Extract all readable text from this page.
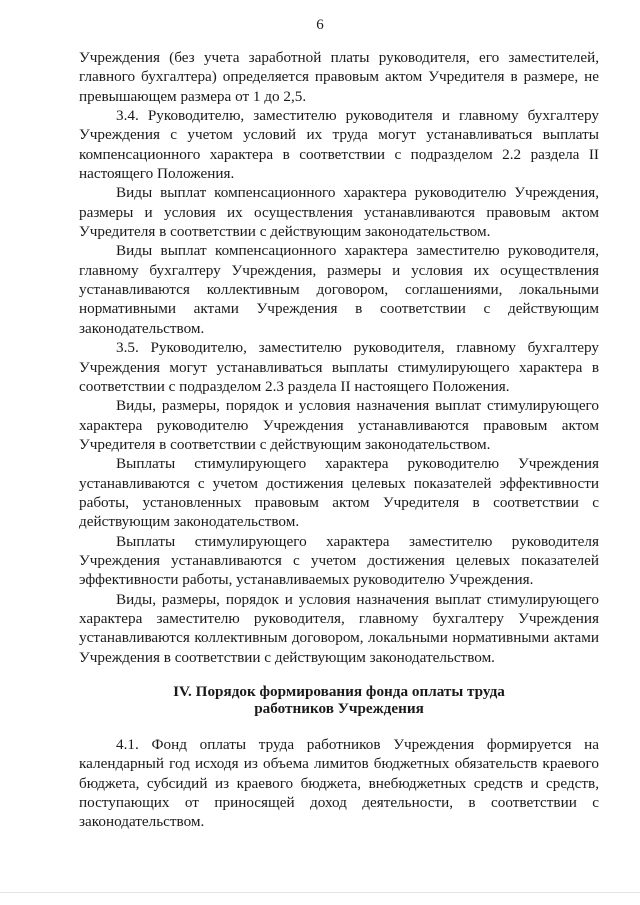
6

Учреждения (без учета заработной платы руководителя, его заместителей, главного бухгалтера) определяется правовым актом Учредителя в размере, не превышающем размера от 1 до 2,5.

3.4. Руководителю, заместителю руководителя и главному бухгалтеру Учреждения с учетом условий их труда могут устанавливаться выплаты компенсационного характера в соответствии с подразделом 2.2 раздела II настоящего Положения.

Виды выплат компенсационного характера руководителю Учреждения, размеры и условия их осуществления устанавливаются правовым актом Учредителя в соответствии с действующим законодательством.

Виды выплат компенсационного характера заместителю руководителя, главному бухгалтеру Учреждения, размеры и условия их осуществления устанавливаются коллективным договором, соглашениями, локальными нормативными актами Учреждения в соответствии с действующим законодательством.

3.5. Руководителю, заместителю руководителя, главному бухгалтеру Учреждения могут устанавливаться выплаты стимулирующего характера в соответствии с подразделом 2.3 раздела II настоящего Положения.

Виды, размеры, порядок и условия назначения выплат стимулирующего характера руководителю Учреждения устанавливаются правовым актом Учредителя в соответствии с действующим законодательством.

Выплаты стимулирующего характера руководителю Учреждения устанавливаются с учетом достижения целевых показателей эффективности работы, установленных правовым актом Учредителя в соответствии с действующим законодательством.

Выплаты стимулирующего характера заместителю руководителя Учреждения устанавливаются с учетом достижения целевых показателей эффективности работы, устанавливаемых руководителю Учреждения.

Виды, размеры, порядок и условия назначения выплат стимулирующего характера заместителю руководителя, главному бухгалтеру Учреждения устанавливаются коллективным договором, локальными нормативными актами Учреждения в соответствии с действующим законодательством.

IV. Порядок формирования фонда оплаты труда
работников Учреждения

4.1. Фонд оплаты труда работников Учреждения формируется на календарный год исходя из объема лимитов бюджетных обязательств краевого бюджета, субсидий из краевого бюджета, внебюджетных средств и средств, поступающих от приносящей доход деятельности, в соответствии с законодательством.
